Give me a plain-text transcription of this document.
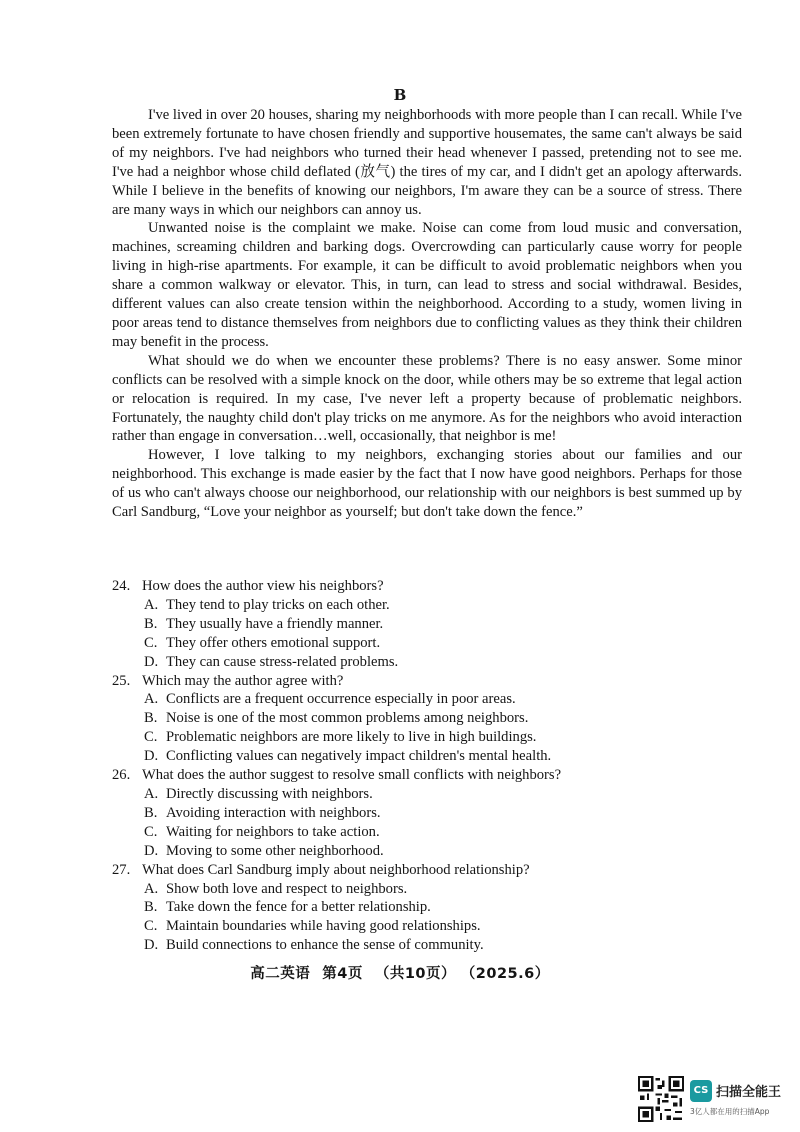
B

I've lived in over 20 houses, sharing my neighborhoods with more people than I can recall. While I've been extremely fortunate to have chosen friendly and supportive housemates, the same can't always be said of my neighbors. I've had neighbors who turned their head whenever I passed, pretending not to see me. I've had a neighbor whose child deflated (放气) the tires of my car, and I didn't get an apology afterwards. While I believe in the benefits of knowing our neighbors, I'm aware they can be a source of stress. There are many ways in which our neighbors can annoy us.

Unwanted noise is the complaint we make. Noise can come from loud music and conversation, machines, screaming children and barking dogs. Overcrowding can particularly cause worry for people living in high-rise apartments. For example, it can be difficult to avoid problematic neighbors when you share a common walkway or elevator. This, in turn, can lead to stress and social withdrawal. Besides, different values can also create tension within the neighborhood. According to a study, women living in poor areas tend to distance themselves from neighbors due to conflicting values as they think their children may benefit in the process.

What should we do when we encounter these problems? There is no easy answer. Some minor conflicts can be resolved with a simple knock on the door, while others may be so extreme that legal action or relocation is required. In my case, I've never left a property because of problematic neighbors. Fortunately, the naughty child don't play tricks on me anymore. As for the neighbors who avoid interaction rather than engage in conversation…well, occasionally, that neighbor is me!

However, I love talking to my neighbors, exchanging stories about our families and our neighborhood. This exchange is made easier by the fact that I now have good neighbors. Perhaps for those of us who can't always choose our neighborhood, our relationship with our neighbors is best summed up by Carl Sandburg, “Love your neighbor as yourself; but don't take down the fence.”

24. How does the author view his neighbors?
A. They tend to play tricks on each other.
B. They usually have a friendly manner.
C. They offer others emotional support.
D. They can cause stress-related problems.
25. Which may the author agree with?
A. Conflicts are a frequent occurrence especially in poor areas.
B. Noise is one of the most common problems among neighbors.
C. Problematic neighbors are more likely to live in high buildings.
D. Conflicting values can negatively impact children's mental health.
26. What does the author suggest to resolve small conflicts with neighbors?
A. Directly discussing with neighbors.
B. Avoiding interaction with neighbors.
C. Waiting for neighbors to take action.
D. Moving to some other neighborhood.
27. What does Carl Sandburg imply about neighborhood relationship?
A. Show both love and respect to neighbors.
B. Take down the fence for a better relationship.
C. Maintain boundaries while having good relationships.
D. Build connections to enhance the sense of community.
高二英语 第4页 （共10页） （2025.6）
CS 扫描全能王
3亿人都在用的扫描App
